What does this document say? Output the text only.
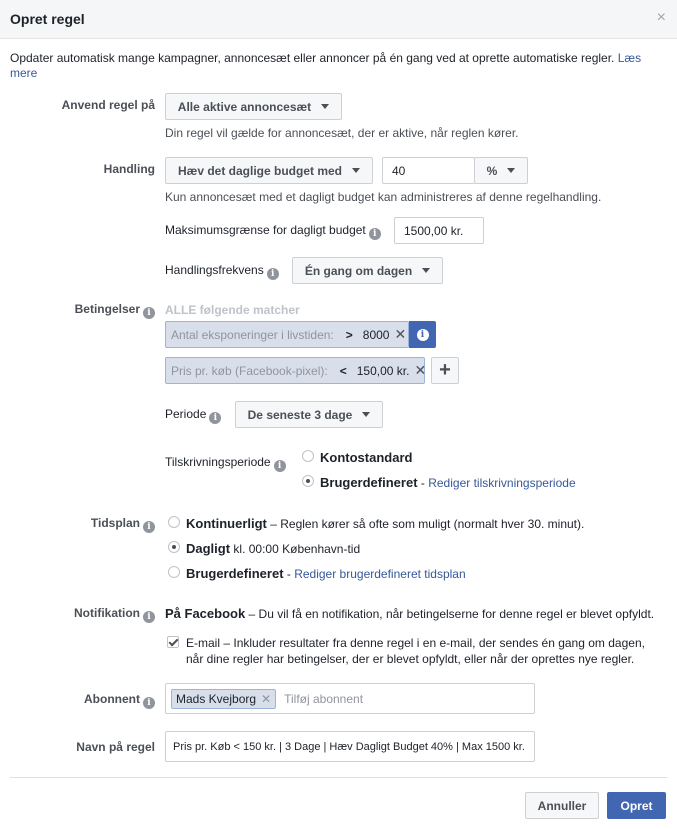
Opret regel	×
Opdater automatisk mange kampagner, annoncesæt eller annoncer på én gang ved at oprette automatiske regler. Læs mere
Anvend regel på Alle aktive annoncesæt
Din regel vil gælde for annoncesæt, der er aktive, når reglen kører.
Handling Hæv det daglige budget med	40	%
Kun annoncesæt med et dagligt budget kan administreres af denne regelhandling.
Maksimumsgrænse for dagligt budget i	1500,00 kr.
Handlingsfrekvens i	Én gang om dagen
Betingelser i	ALLE følgende matcher
Antal eksponeringer i livstiden: > 8000 ✕	i
Pris pr. køb (Facebook-pixel): < 150,00 kr. ✕ +
Periode i	De seneste 3 dage
Tilskrivningsperiode i
Kontostandard
Brugerdefineret - Rediger tilskrivningsperiode
Tidsplan i	Kontinuerligt – Reglen kører så ofte som muligt (normalt hver 30. minut).
Dagligt kl. 00:00 København-tid
Brugerdefineret - Rediger brugerdefineret tidsplan
Notifikation i	På Facebook – Du vil få en notifikation, når betingelserne for denne regel er blevet opfyldt.
E-mail – Inkluder resultater fra denne regel i en e-mail, der sendes én gang om dagen,
når dine regler har betingelser, der er blevet opfyldt, eller når der oprettes nye regler.
Abonnent i	Mads Kvejborg ✕ Tilføj abonnent
Navn på regel Pris pr. Køb < 150 kr. | 3 Dage | Hæv Dagligt Budget 40% | Max 1500 kr.
Annuller	Opret
